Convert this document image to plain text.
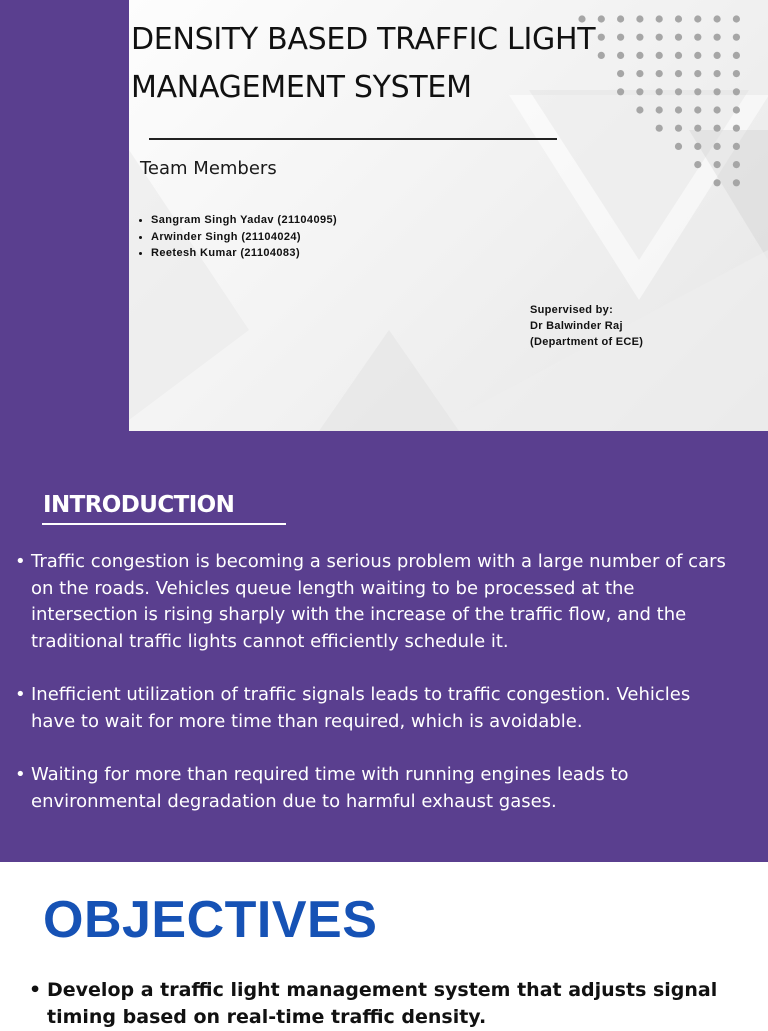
DENSITY BASED TRAFFIC LIGHT MANAGEMENT SYSTEM
Team Members
• Sangram Singh Yadav (21104095)
• Arwinder Singh (21104024)
• Reetesh Kumar (21104083)
Supervised by:
Dr Balwinder Raj
(Department of ECE)
INTRODUCTION
• Traffic congestion is becoming a serious problem with a large number of cars on the roads. Vehicles queue length waiting to be processed at the intersection is rising sharply with the increase of the traffic flow, and the traditional traffic lights cannot efficiently schedule it.
• Inefficient utilization of traffic signals leads to traffic congestion. Vehicles have to wait for more time than required, which is avoidable.
• Waiting for more than required time with running engines leads to environmental degradation due to harmful exhaust gases.
OBJECTIVES
• Develop a traffic light management system that adjusts signal timing based on real-time traffic density.
